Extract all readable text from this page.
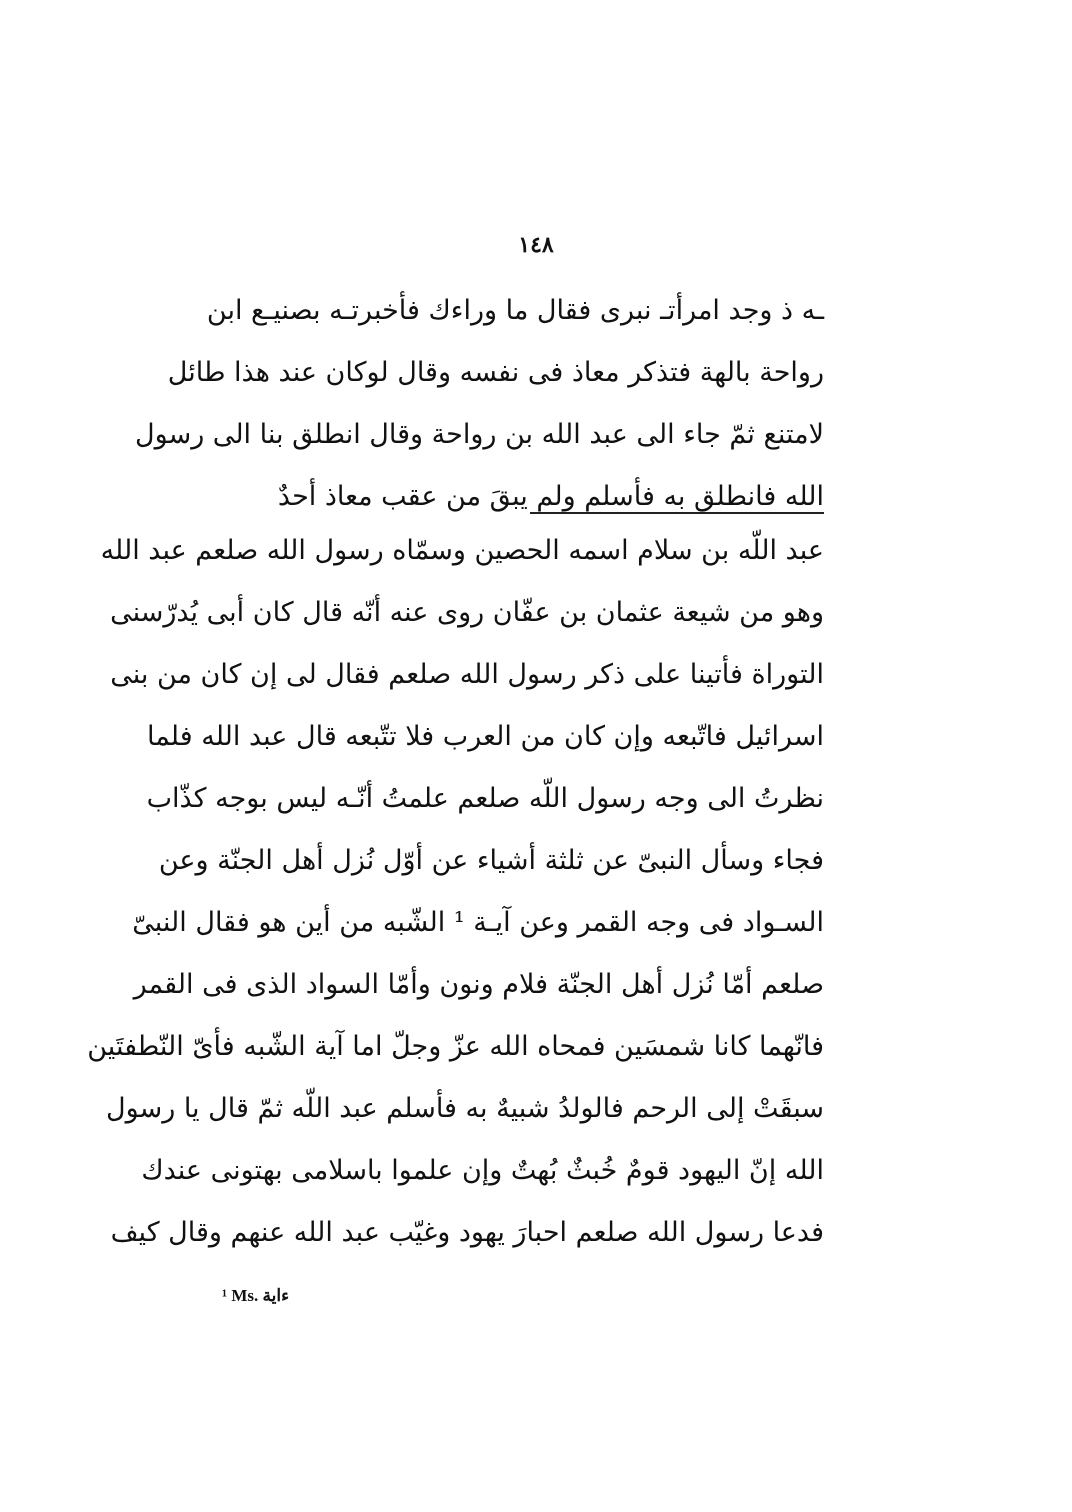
١٤٨
ـه ذ وجد امرأتـ نبرى فقال ما وراءك فأخبرتـه بصنيـع ابن
رواحة بالهة فتذكر معاذ فى نفسه وقال لوكان عند هذا طائل
لامتنع ثمّ جاء الى عبد الله بن رواحة وقال انطلق بنا الى رسول
الله فانطلق به فأسلم ولم يبقَ من عقب معاذ أحدٌ
عبد اللّه بن سلام اسمه الحصين وسمّاه رسول الله صلعم عبد الله
وهو من شيعة عثمان بن عفّان روى عنه أنّه قال كان أبى يُدرّسنى
التوراة فأتينا على ذكر رسول الله صلعم فقال لى إن كان من بنى
اسرائيل فاتّبعه وإن كان من العرب فلا تتّبعه قال عبد الله فلما
نظرتُ الى وجه رسول اللّه صلعم علمتُ أنّـه ليس بوجه كذّاب
فجاء وسأل النبىّ عن ثلثة أشياء عن أوّل نُزل أهل الجنّة وعن
السـواد فى وجه القمر وعن آيـة ¹ الشّبه من أين هو فقال النبىّ
صلعم أمّا نُزل أهل الجنّة فلام ونون وأمّا السواد الذى فى القمر
فانّهما كانا شمسَين فمحاه الله عزّ وجلّ اما آية الشّبه فأىّ النّطفتَين
سبقَتْ إلى الرحم فالولدُ شبيهٌ به فأسلم عبد اللّه ثمّ قال يا رسول
الله إنّ اليهود قومٌ خُبثٌ بُهتٌ وإن علموا باسلامى بهتونى عندك
فدعا رسول الله صلعم احبارَ يهود وغيّب عبد الله عنهم وقال كيف
¹ Ms. ءاية
